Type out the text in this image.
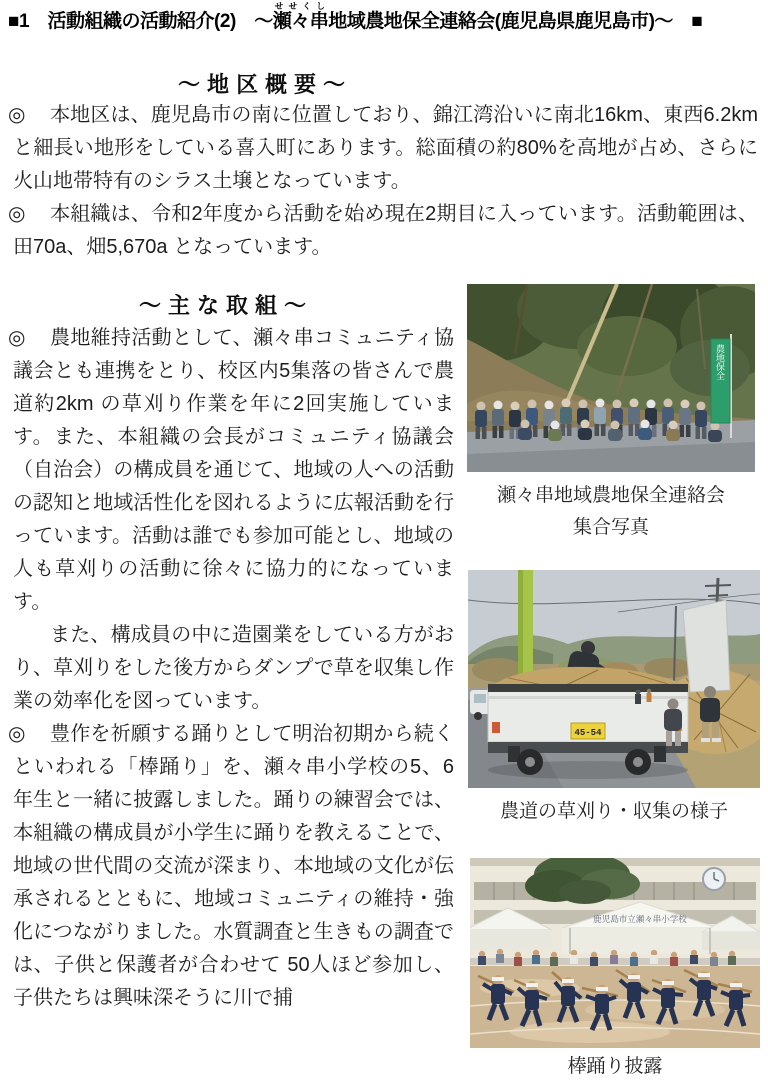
■1　活動組織の活動紹介(2)　～瀬々串せせくし地域農地保全連絡会(鹿児島県鹿児島市)～　■
～地区概要～
◎ 本地区は、鹿児島市の南に位置しており、錦江湾沿いに南北16km、東西6.2kmと細長い地形をしている喜入町にあります。総面積の約80%を高地が占め、さらに火山地帯特有のシラス土壌となっています。
◎ 本組織は、令和2年度から活動を始め現在2期目に入っています。活動範囲は、田70a、畑5,670a となっています。
～主な取組～
◎ 農地維持活動として、瀬々串コミュニティ協議会とも連携をとり、校区内5集落の皆さんで農道約2km の草刈り作業を年に2回実施しています。また、本組織の会長がコミュニティ協議会（自治会）の構成員を通じて、地域の人への活動の認知と地域活性化を図れるように広報活動を行っています。活動は誰でも参加可能とし、地域の人も草刈りの活動に徐々に協力的になっています。
また、構成員の中に造園業をしている方がおり、草刈りをした後方からダンプで草を収集し作業の効率化を図っています。
◎ 豊作を祈願する踊りとして明治初期から続くといわれる「棒踊り」を、瀬々串小学校の5、6年生と一緒に披露しました。踊りの練習会では、本組織の構成員が小学生に踊りを教えることで、地域の世代間の交流が深まり、本地域の文化が伝承されるとともに、地域コミュニティの維持・強化につながりました。水質調査と生きもの調査では、子供と保護者が合わせて 50人ほど参加し、子供たちは興味深そうに川で捕
農地保全
瀬々串地域農地保全連絡会
集合写真
45-54
農道の草刈り・収集の様子
鹿児島市立瀬々串小学校
棒踊り披露
